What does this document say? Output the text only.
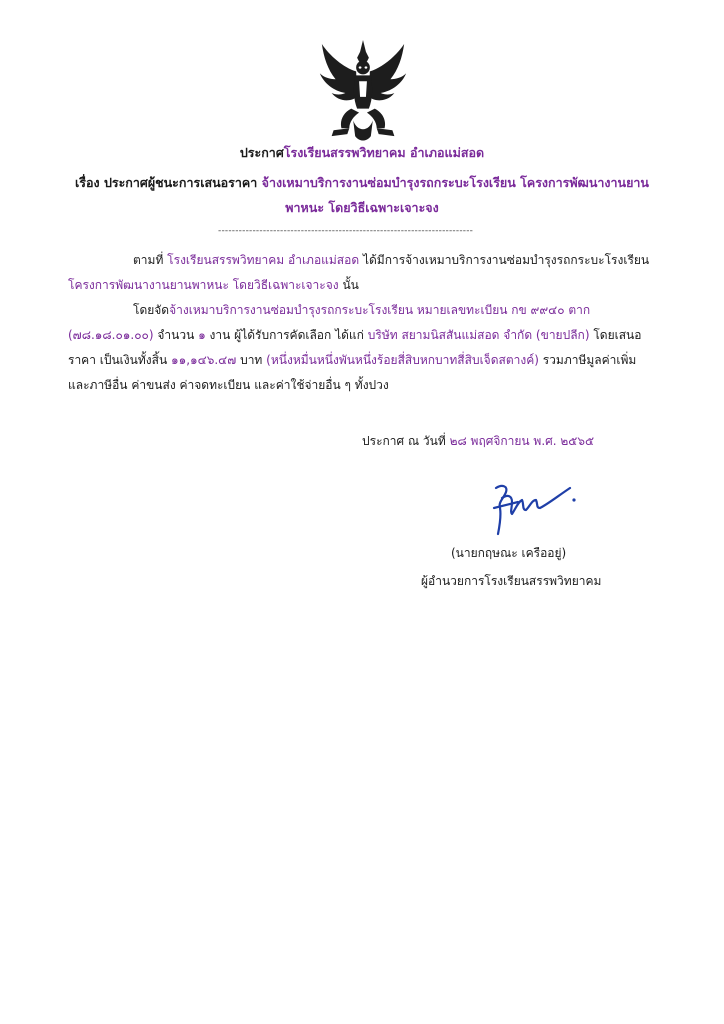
ประกาศโรงเรียนสรรพวิทยาคม อำเภอแม่สอด
เรื่อง ประกาศผู้ชนะการเสนอราคา จ้างเหมาบริการงานซ่อมบำรุงรถกระบะโรงเรียน โครงการพัฒนางานยาน
พาหนะ โดยวิธีเฉพาะเจาะจง
--------------------------------------------------------------------------
ตามที่ โรงเรียนสรรพวิทยาคม อำเภอแม่สอด ได้มีการจ้างเหมาบริการงานซ่อมบำรุงรถกระบะโรงเรียน
โครงการพัฒนางานยานพาหนะ โดยวิธีเฉพาะเจาะจง นั้น
โดยจัดจ้างเหมาบริการงานซ่อมบำรุงรถกระบะโรงเรียน หมายเลขทะเบียน กข ๙๙๔๐ ตาก
(๗๘.๑๘.๐๑.๐๐) จำนวน ๑ งาน ผู้ได้รับการคัดเลือก ได้แก่ บริษัท สยามนิสสันแม่สอด จำกัด (ขายปลีก) โดยเสนอ
ราคา เป็นเงินทั้งสิ้น ๑๑,๑๔๖.๔๗ บาท (หนึ่งหมื่นหนึ่งพันหนึ่งร้อยสี่สิบหกบาทสี่สิบเจ็ดสตางค์) รวมภาษีมูลค่าเพิ่ม
และภาษีอื่น ค่าขนส่ง ค่าจดทะเบียน และค่าใช้จ่ายอื่น ๆ ทั้งปวง
ประกาศ ณ วันที่ ๒๘ พฤศจิกายน พ.ศ. ๒๕๖๕
(นายกฤษณะ เครืออยู่)
ผู้อำนวยการโรงเรียนสรรพวิทยาคม
